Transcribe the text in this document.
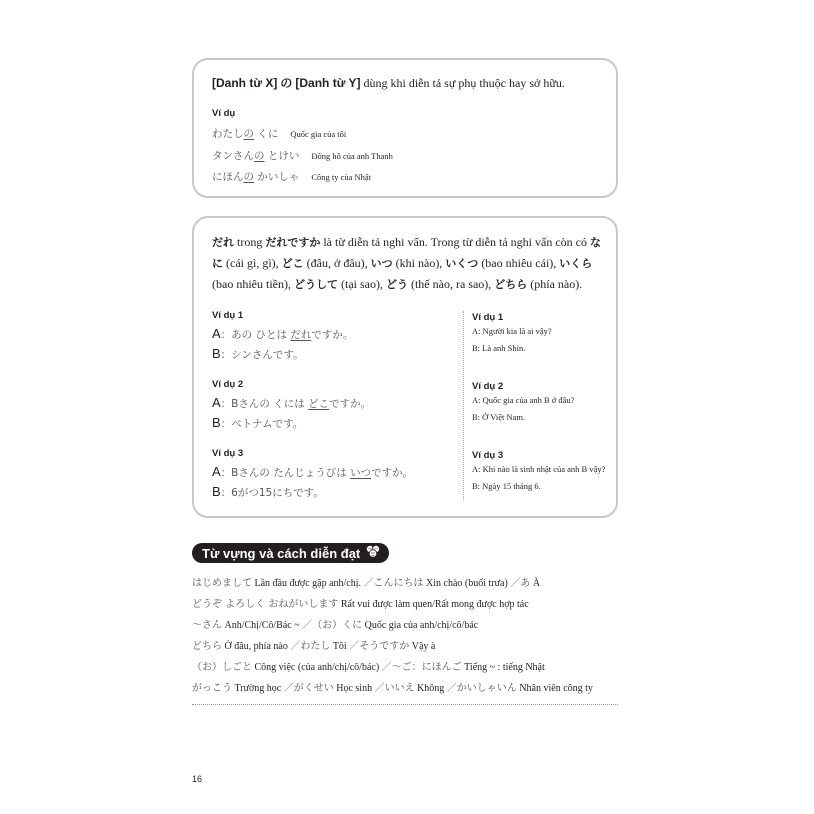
[Danh từ X] の [Danh từ Y] dùng khi diễn tả sự phụ thuộc hay sở hữu.
Ví dụ
わたしの くに Quốc gia của tôi
タンさんの とけい Đồng hồ của anh Thanh
にほんの かいしゃ Công ty của Nhật
だれ trong だれですか là từ diễn tả nghi vấn. Trong từ diễn tả nghi vấn còn có なに (cái gì, gì), どこ (đâu, ở đâu), いつ (khi nào), いくつ (bao nhiêu cái), いくら (bao nhiêu tiền), どうして (tại sao), どう (thế nào, ra sao), どちら (phía nào).
Ví dụ 1
A：あの ひとは だれですか。
B：シンさんです。
Ví dụ 1
A: Người kia là ai vậy?
B: Là anh Shin.
Ví dụ 2
A：Bさんの くには どこですか。
B：ベトナムです。
Ví dụ 2
A: Quốc gia của anh B ở đâu?
B: Ở Việt Nam.
Ví dụ 3
A：Bさんの たんじょうびは いつですか。
B：6がつ15にちです。
Ví dụ 3
A: Khi nào là sinh nhật của anh B vậy?
B: Ngày 15 tháng 6.
Từ vựng và cách diễn đạt
はじめまして Lần đầu được gặp anh/chị. ／こんにちは Xin chào (buổi trưa) ／あ À
どうぞ よろしく おねがいします Rất vui được làm quen/Rất mong được hợp tác
～さん Anh/Chị/Cô/Bác ~ ／（お）くに Quốc gia của anh/chị/cô/bác
どちら Ở đâu, phía nào ／わたし Tôi ／そうですか Vậy à
（お）しごと Công việc (của anh/chị/cô/bác) ／～ご：にほんご Tiếng ~ : tiếng Nhật
がっこう Trường học ／がくせい Học sinh ／いいえ Không ／かいしゃいん Nhân viên công ty
16
